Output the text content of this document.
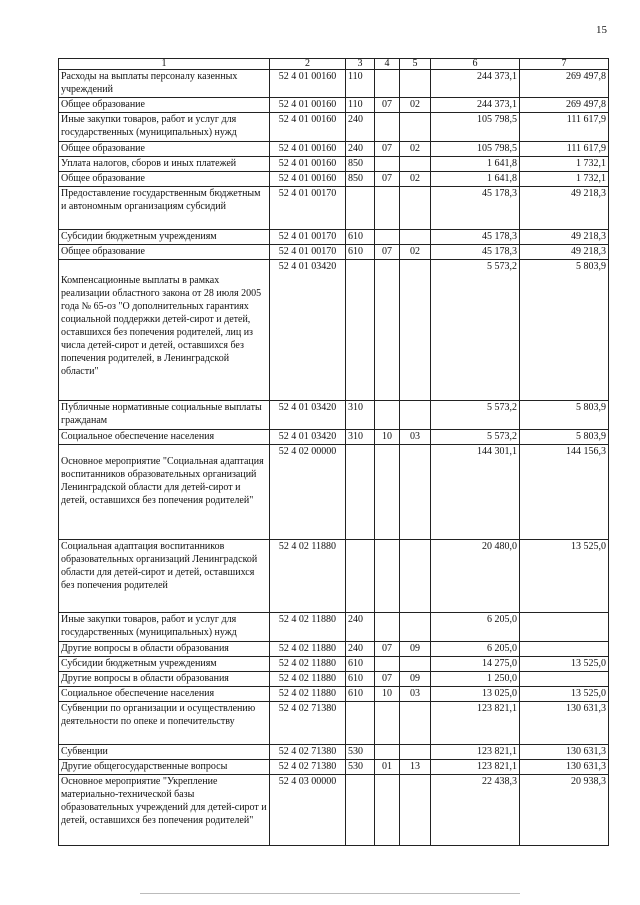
15
1	2	3	4	5	6	7
Расходы на выплаты персоналу казенных учреждений	52 4 01 00160	110			244 373,1	269 497,8
Общее образование	52 4 01 00160	110	07	02	244 373,1	269 497,8
Иные закупки товаров, работ и услуг для государственных (муниципальных) нужд	52 4 01 00160	240			105 798,5	111 617,9
Общее образование	52 4 01 00160	240	07	02	105 798,5	111 617,9
Уплата налогов, сборов и иных платежей	52 4 01 00160	850			1 641,8	1 732,1
Общее образование	52 4 01 00160	850	07	02	1 641,8	1 732,1
Предоставление государственным бюджетным и автономным организациям субсидий	52 4 01 00170				45 178,3	49 218,3
Субсидии бюджетным учреждениям	52 4 01 00170	610			45 178,3	49 218,3
Общее образование	52 4 01 00170	610	07	02	45 178,3	49 218,3
Компенсационные выплаты в рамках реализации областного закона от 28 июля 2005 года № 65-оз "О дополнительных гарантиях социальной поддержки детей-сирот и детей, оставшихся без попечения родителей, лиц из числа детей-сирот и детей, оставшихся без попечения родителей, в Ленинградской области"	52 4 01 03420				5 573,2	5 803,9
Публичные нормативные социальные выплаты гражданам	52 4 01 03420	310			5 573,2	5 803,9
Социальное обеспечение населения	52 4 01 03420	310	10	03	5 573,2	5 803,9
Основное мероприятие "Социальная адаптация воспитанников образовательных организаций Ленинградской области для детей-сирот и детей, оставшихся без попечения родителей"	52 4 02 00000				144 301,1	144 156,3
Социальная адаптация воспитанников образовательных организаций Ленинградской области для детей-сирот и детей, оставшихся без попечения родителей	52 4 02 11880				20 480,0	13 525,0
Иные закупки товаров, работ и услуг для государственных (муниципальных) нужд	52 4 02 11880	240			6 205,0	
Другие вопросы в области образования	52 4 02 11880	240	07	09	6 205,0	
Субсидии бюджетным учреждениям	52 4 02 11880	610			14 275,0	13 525,0
Другие вопросы в области образования	52 4 02 11880	610	07	09	1 250,0	
Социальное обеспечение населения	52 4 02 11880	610	10	03	13 025,0	13 525,0
Субвенции по организации и осуществлению деятельности по опеке и попечительству	52 4 02 71380				123 821,1	130 631,3
Субвенции	52 4 02 71380	530			123 821,1	130 631,3
Другие общегосударственные вопросы	52 4 02 71380	530	01	13	123 821,1	130 631,3
Основное мероприятие "Укрепление материально-технической базы образовательных учреждений для детей-сирот и детей, оставшихся без попечения родителей"	52 4 03 00000				22 438,3	20 938,3
